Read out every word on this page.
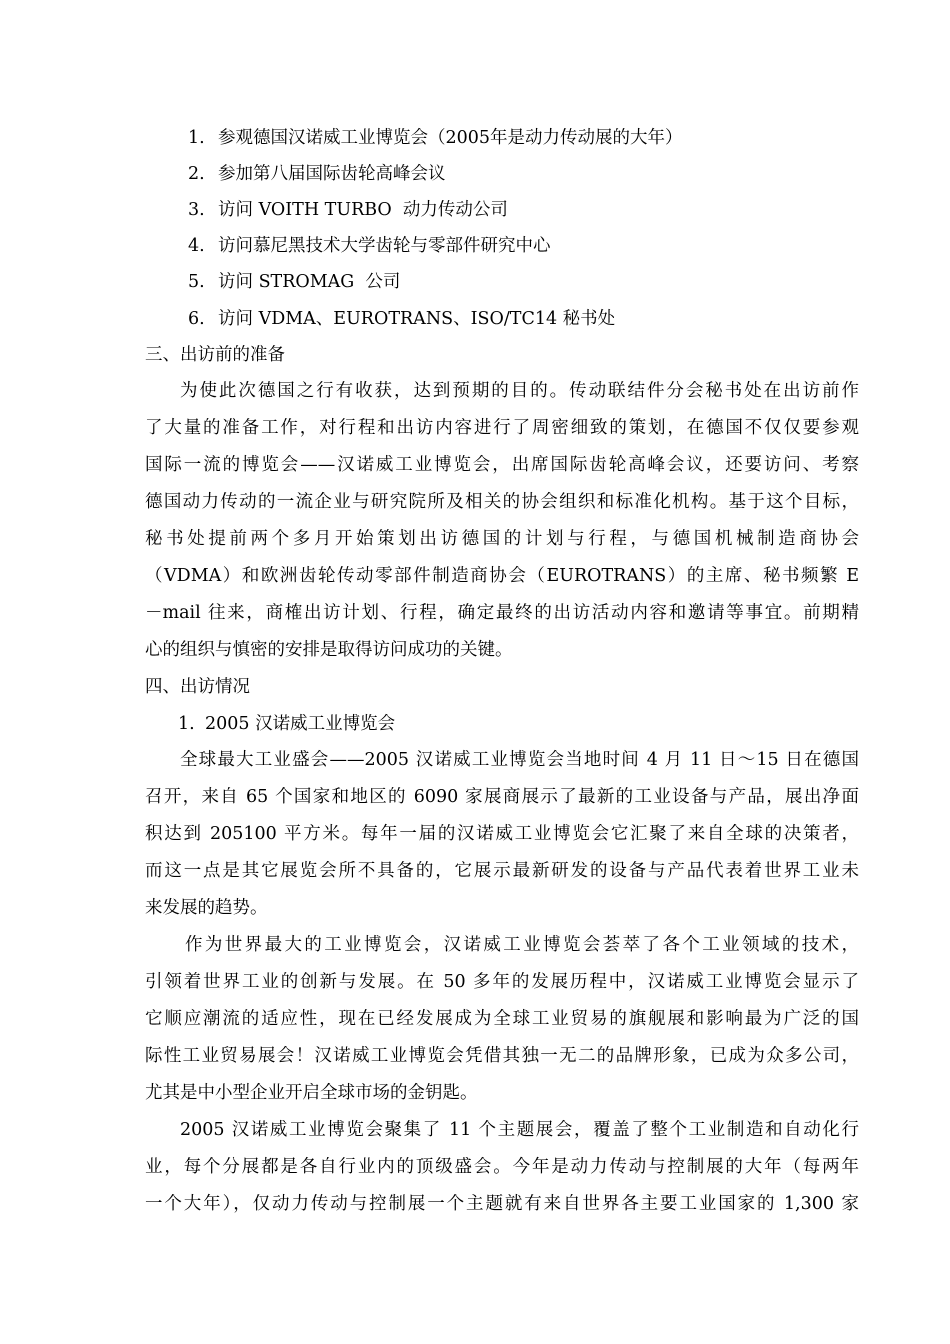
1. 参观德国汉诺威工业博览会（2005年是动力传动展的大年）
2. 参加第八届国际齿轮高峰会议
3. 访问 VOITH TURBO  动力传动公司
4. 访问慕尼黑技术大学齿轮与零部件研究中心
5. 访问 STROMAG  公司
6. 访问 VDMA、EUROTRANS、ISO/TC14 秘书处
三、出访前的准备
为使此次德国之行有收获，达到预期的目的。传动联结件分会秘书处在出访前作
了大量的准备工作，对行程和出访内容进行了周密细致的策划，在德国不仅仅要参观
国际一流的博览会——汉诺威工业博览会，出席国际齿轮高峰会议，还要访问、考察
德国动力传动的一流企业与研究院所及相关的协会组织和标准化机构。基于这个目标，
秘书处提前两个多月开始策划出访德国的计划与行程，与德国机械制造商协会
（VDMA）和欧洲齿轮传动零部件制造商协会（EUROTRANS）的主席、秘书频繁 E
－mail 往来，商榷出访计划、行程，确定最终的出访活动内容和邀请等事宜。前期精
心的组织与慎密的安排是取得访问成功的关键。
四、出访情况
1. 2005 汉诺威工业博览会
全球最大工业盛会——2005 汉诺威工业博览会当地时间 4 月 11 日～15 日在德国
召开，来自 65 个国家和地区的 6090 家展商展示了最新的工业设备与产品，展出净面
积达到 205100 平方米。每年一届的汉诺威工业博览会它汇聚了来自全球的决策者，
而这一点是其它展览会所不具备的，它展示最新研发的设备与产品代表着世界工业未
来发展的趋势。
作为世界最大的工业博览会，汉诺威工业博览会荟萃了各个工业领域的技术，
引领着世界工业的创新与发展。在 50 多年的发展历程中，汉诺威工业博览会显示了
它顺应潮流的适应性，现在已经发展成为全球工业贸易的旗舰展和影响最为广泛的国
际性工业贸易展会！汉诺威工业博览会凭借其独一无二的品牌形象，已成为众多公司，
尤其是中小型企业开启全球市场的金钥匙。
2005 汉诺威工业博览会聚集了 11 个主题展会，覆盖了整个工业制造和自动化行
业，每个分展都是各自行业内的顶级盛会。今年是动力传动与控制展的大年（每两年
一个大年），仅动力传动与控制展一个主题就有来自世界各主要工业国家的 1,300 家
